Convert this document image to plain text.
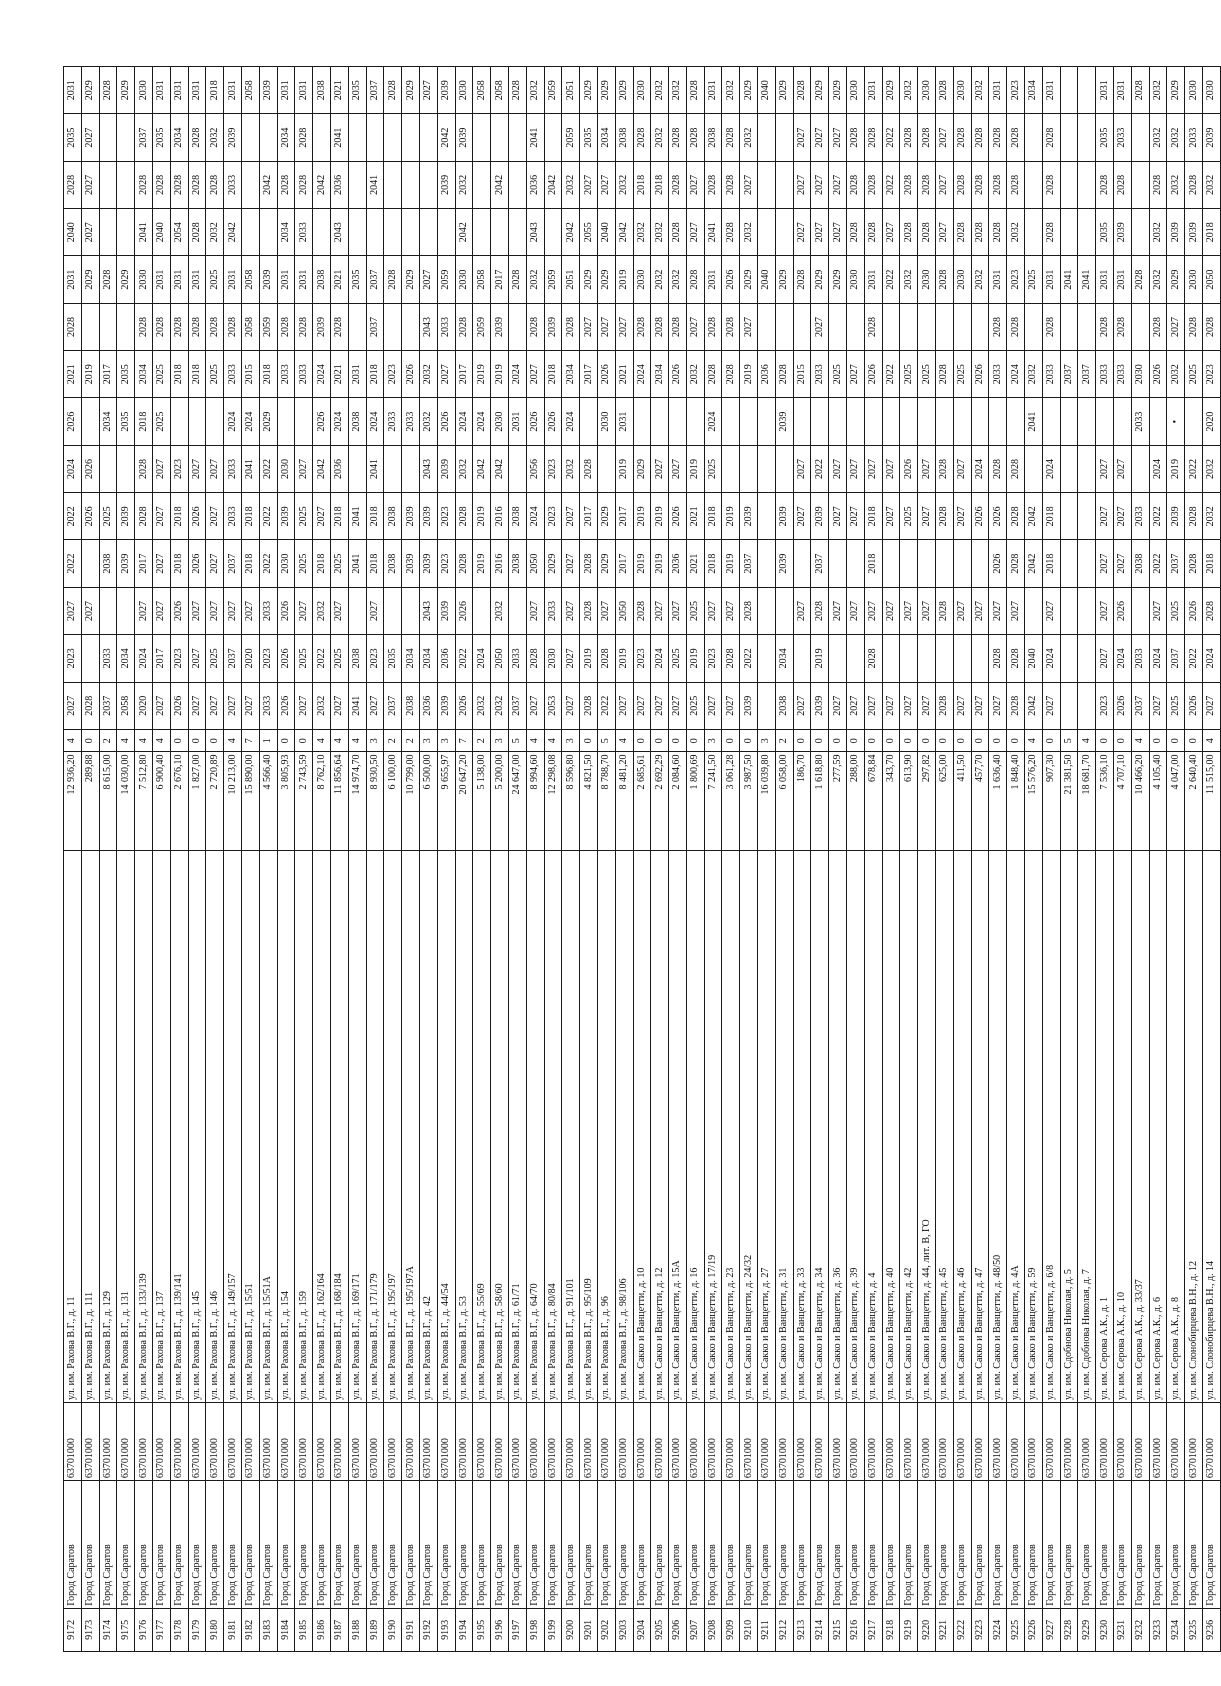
9172	Город Саратов	63701000	ул. им. Рахова В.Г., д. 11	12 936,20	4	2027	2023	2027	2022	2022	2024	2026	2021	2028	2031	2040	2028	2035	2031
9173	Город Саратов	63701000	ул. им. Рахова В.Г., д. 111	289,88	0	2028		2027		2026	2026		2019		2029	2027	2027	2027	2029
9174	Город Саратов	63701000	ул. им. Рахова В.Г., д. 129	8 615,00	2	2037	2033		2038	2025		2034	2017		2028				2028
9175	Город Саратов	63701000	ул. им. Рахова В.Г., д. 131	14 030,00	4	2058	2034		2039	2039		2035	2035		2029				2029
9176	Город Саратов	63701000	ул. им. Рахова В.Г., д. 133/139	7 512,80	4	2020	2024	2027	2017	2028	2028	2018	2034	2028	2030	2041	2028	2037	2030
9177	Город Саратов	63701000	ул. им. Рахова В.Г., д. 137	6 900,40	4	2027	2017	2027	2027	2027	2027	2025	2025	2028	2031	2040	2028	2035	2031
9178	Город Саратов	63701000	ул. им. Рахова В.Г., д. 139/141	2 676,10	0	2026	2023	2026	2018	2018	2023		2018	2028	2031	2054	2028	2034	2031
9179	Город Саратов	63701000	ул. им. Рахова В.Г., д. 145	1 827,00	0	2027	2027	2027	2026	2026	2027		2018	2028	2031	2028	2028	2028	2031
9180	Город Саратов	63701000	ул. им. Рахова В.Г., д. 146	2 720,89	0	2027	2025	2027	2027	2027	2027		2025	2028	2025	2032	2028	2032	2018
9181	Город Саратов	63701000	ул. им. Рахова В.Г., д. 149/157	10 213,00	4	2027	2037	2027	2037	2033	2033	2024	2033	2028	2031	2042	2033	2039	2031
9182	Город Саратов	63701000	ул. им. Рахова В.Г., д. 15/51	15 890,00	7	2027	2020	2027	2018	2018	2041	2024	2015	2058	2058				2058
9183	Город Саратов	63701000	ул. им. Рахова В.Г., д. 15/51А	4 566,40	1	2033	2023	2033	2022	2022	2022	2029	2018	2059	2039		2042		2039
9184	Город Саратов	63701000	ул. им. Рахова В.Г., д. 154	3 805,93	0	2026	2026	2026	2030	2039	2030		2033	2028	2031	2034	2028	2034	2031
9185	Город Саратов	63701000	ул. им. Рахова В.Г., д. 159	2 743,59	0	2027	2025	2027	2025	2025	2027		2033	2028	2031	2033	2028	2028	2031
9186	Город Саратов	63701000	ул. им. Рахова В.Г., д. 162/164	8 762,10	4	2032	2022	2032	2018	2027	2042	2026	2024	2039	2038		2042		2038
9187	Город Саратов	63701000	ул. им. Рахова В.Г., д. 168/184	11 856,64	4	2027	2025	2027	2025	2018	2036	2024	2021	2028	2021	2043	2036	2041	2021
9188	Город Саратов	63701000	ул. им. Рахова В.Г., д. 169/171	14 974,70	4	2041	2038		2041	2041		2038	2031		2035				2035
9189	Город Саратов	63701000	ул. им. Рахова В.Г., д. 171/179	8 930,50	3	2027	2023	2027	2018	2018	2041	2024	2018	2037	2037		2041		2037
9190	Город Саратов	63701000	ул. им. Рахова В.Г., д. 195/197	6 100,00	2	2037	2035		2038	2038		2033	2023		2028				2028
9191	Город Саратов	63701000	ул. им. Рахова В.Г., д. 195/197А	10 799,00	2	2038	2034		2039	2039		2033	2026		2029				2029
9192	Город Саратов	63701000	ул. им. Рахова В.Г., д. 42	6 500,00	3	2036	2034	2043	2039	2039	2043	2032	2032	2043	2027				2027
9193	Город Саратов	63701000	ул. им. Рахова В.Г., д. 44/54	9 655,97	3	2039	2036	2039	2023	2023	2039	2026	2027	2033	2059		2039	2042	2039
9194	Город Саратов	63701000	ул. им. Рахова В.Г., д. 53	20 647,20	7	2026	2022	2026	2028	2028	2032	2024	2017	2028	2030	2042	2032	2039	2030
9195	Город Саратов	63701000	ул. им. Рахова В.Г., д. 55/69	5 138,00	2	2032	2024		2019	2019	2042	2024	2019	2059	2058				2058
9196	Город Саратов	63701000	ул. им. Рахова В.Г., д. 58/60	5 200,00	3	2032	2050	2032	2016	2016	2042	2030	2019	2039	2017		2042		2058
9197	Город Саратов	63701000	ул. им. Рахова В.Г., д. 61/71	24 647,00	5	2037	2033		2038	2038		2031	2024		2028				2028
9198	Город Саратов	63701000	ул. им. Рахова В.Г., д. 64/70	8 994,60	4	2027	2028	2027	2050	2024	2056	2026	2027	2028	2032	2043	2036	2041	2032
9199	Город Саратов	63701000	ул. им. Рахова В.Г., д. 80/84	12 298,08	4	2053	2030	2033	2029	2023	2023	2026	2018	2039	2059		2042		2059
9200	Город Саратов	63701000	ул. им. Рахова В.Г., д. 91/101	8 596,80	3	2027	2027	2027	2027	2027	2032	2024	2034	2028	2051	2042	2032	2059	2051
9201	Город Саратов	63701000	ул. им. Рахова В.Г., д. 95/109	4 821,50	0	2028	2019	2028	2028	2017	2028		2017	2027	2029	2055	2027	2035	2029
9202	Город Саратов	63701000	ул. им. Рахова В.Г., д. 96	8 788,70	5	2022	2028	2027	2029	2029		2030	2026	2027	2029	2040	2027	2034	2029
9203	Город Саратов	63701000	ул. им. Рахова В.Г., д. 98/106	8 481,20	4	2027	2019	2050	2017	2017	2019	2031	2021	2027	2019	2042	2032	2038	2029
9204	Город Саратов	63701000	ул. им. Сакко и Ванцетти, д. 10	2 685,61	0	2027	2023	2028	2019	2019	2029		2024	2028	2030	2032	2018	2028	2030
9205	Город Саратов	63701000	ул. им. Сакко и Ванцетти, д. 12	2 692,29	0	2027	2024	2027	2019	2019	2027		2034	2028	2032	2032	2018	2032	2032
9206	Город Саратов	63701000	ул. им. Сакко и Ванцетти, д. 15А	2 084,60	0	2027	2025	2027	2036	2026	2027		2026	2028	2032	2028	2028	2028	2032
9207	Город Саратов	63701000	ул. им. Сакко и Ванцетти, д. 16	1 800,69	0	2025	2019	2025	2021	2021	2019		2032	2027	2028	2027	2027	2028	2028
9208	Город Саратов	63701000	ул. им. Сакко и Ванцетти, д. 17/19	7 241,50	3	2027	2023	2027	2018	2018	2025	2024	2028	2028	2031	2041	2028	2038	2031
9209	Город Саратов	63701000	ул. им. Сакко и Ванцетти, д. 23	3 061,28	0	2027	2028	2027	2019	2019			2028	2028	2026	2028	2028	2028	2032
9210	Город Саратов	63701000	ул. им. Сакко и Ванцетти, д. 24/32	3 987,50	0	2039	2022	2028	2037	2039			2019	2027	2029	2032	2027	2032	2029
9211	Город Саратов	63701000	ул. им. Сакко и Ванцетти, д. 27	16 039,80	3								2036		2040				2040
9212	Город Саратов	63701000	ул. им. Сакко и Ванцетти, д. 31	6 058,00	2	2038	2034		2039	2039		2039	2028		2029				2029
9213	Город Саратов	63701000	ул. им. Сакко и Ванцетти, д. 33	186,70	0	2027		2027		2027	2027		2015		2028	2027	2027	2027	2028
9214	Город Саратов	63701000	ул. им. Сакко и Ванцетти, д. 34	1 618,80	0	2039	2019	2028	2037	2039	2022		2033	2027	2029	2027	2027	2027	2029
9215	Город Саратов	63701000	ул. им. Сакко и Ванцетти, д. 36	277,59	0	2027		2027		2027	2027		2025		2029	2027	2027	2027	2029
9216	Город Саратов	63701000	ул. им. Сакко и Ванцетти, д. 39	288,00	0	2027		2027		2027	2027		2027		2030	2028	2028	2028	2030
9217	Город Саратов	63701000	ул. им. Сакко и Ванцетти, д. 4	678,84	0	2027	2028	2027	2018	2018	2027		2026	2028	2031	2028	2028	2028	2031
9218	Город Саратов	63701000	ул. им. Сакко и Ванцетти, д. 40	343,70	0	2027		2027		2027	2027		2022		2022	2027	2022	2022	2029
9219	Город Саратов	63701000	ул. им. Сакко и Ванцетти, д. 42	613,90	0	2027		2027		2025	2026		2025		2032	2028	2028	2028	2032
9220	Город Саратов	63701000	ул. им. Сакко и Ванцетти, д. 44, лит. В, ГО	297,82	0	2027		2027		2027	2027		2025		2030	2028	2028	2028	2030
9221	Город Саратов	63701000	ул. им. Сакко и Ванцетти, д. 45	625,00	0	2028		2028		2028	2028		2028		2028	2027	2027	2027	2028
9222	Город Саратов	63701000	ул. им. Сакко и Ванцетти, д. 46	411,50	0	2027		2027		2027	2027		2025		2030	2028	2028	2028	2030
9223	Город Саратов	63701000	ул. им. Сакко и Ванцетти, д. 47	457,70	0	2027		2027		2026	2024		2026		2032	2028	2028	2028	2032
9224	Город Саратов	63701000	ул. им. Сакко и Ванцетти, д. 48/50	1 636,40	0	2027	2028	2027	2026	2026	2028		2033	2028	2031	2028	2028	2028	2031
9225	Город Саратов	63701000	ул. им. Сакко и Ванцетти, д. 4А	1 848,40	0	2028	2028	2027	2028	2028	2028		2024	2028	2023	2032	2028	2028	2023
9226	Город Саратов	63701000	ул. им. Сакко и Ванцетти, д. 59	15 576,20	4	2042	2040		2042	2042		2041	2032		2025				2034
9227	Город Саратов	63701000	ул. им. Сакко и Ванцетти, д. 6/8	907,30	0	2027	2024	2027	2018	2018	2024		2033	2028	2031	2028	2028	2028	2031
9228	Город Саратов	63701000	ул. им. Сдобнова Николая, д. 5	21 381,50	5								2037		2041				
9229	Город Саратов	63701000	ул. им. Сдобнова Николая, д. 7	18 681,70	4								2037		2041				
9230	Город Саратов	63701000	ул. им. Серова А.К., д. 1	7 536,10	0	2023	2027	2027	2027	2027	2027		2033	2028	2031	2035	2028	2035	2031
9231	Город Саратов	63701000	ул. им. Серова А.К., д. 10	4 707,10	0	2026	2024	2026	2027	2027	2027		2033	2028	2031	2039	2028	2033	2031
9232	Город Саратов	63701000	ул. им. Серова А.К., д. 33/37	10 466,20	4	2037	2033		2038	2033		2033	2030		2028				2028
9233	Город Саратов	63701000	ул. им. Серова А.К., д. 6	4 105,40	0	2027	2024	2027	2022	2022	2024		2026	2028	2032	2032	2028	2032	2032
9234	Город Саратов	63701000	ул. им. Серова А.К., д. 8	4 047,00	0	2025	2037	2025	2037	2039	2019	•	2032	2027	2029	2039	2032	2032	2029
9235	Город Саратов	63701000	ул. им. Слонобирцева В.Н., д. 12	2 640,40	0	2026	2022	2026	2028	2028	2022		2025	2028	2030	2039	2028	2033	2030
9236	Город Саратов	63701000	ул. им. Слонобирцева В.Н., д. 14	11 515,00	4	2027	2024	2028	2018	2032	2032	2020	2023	2028	2050	2018	2032	2039	2030
